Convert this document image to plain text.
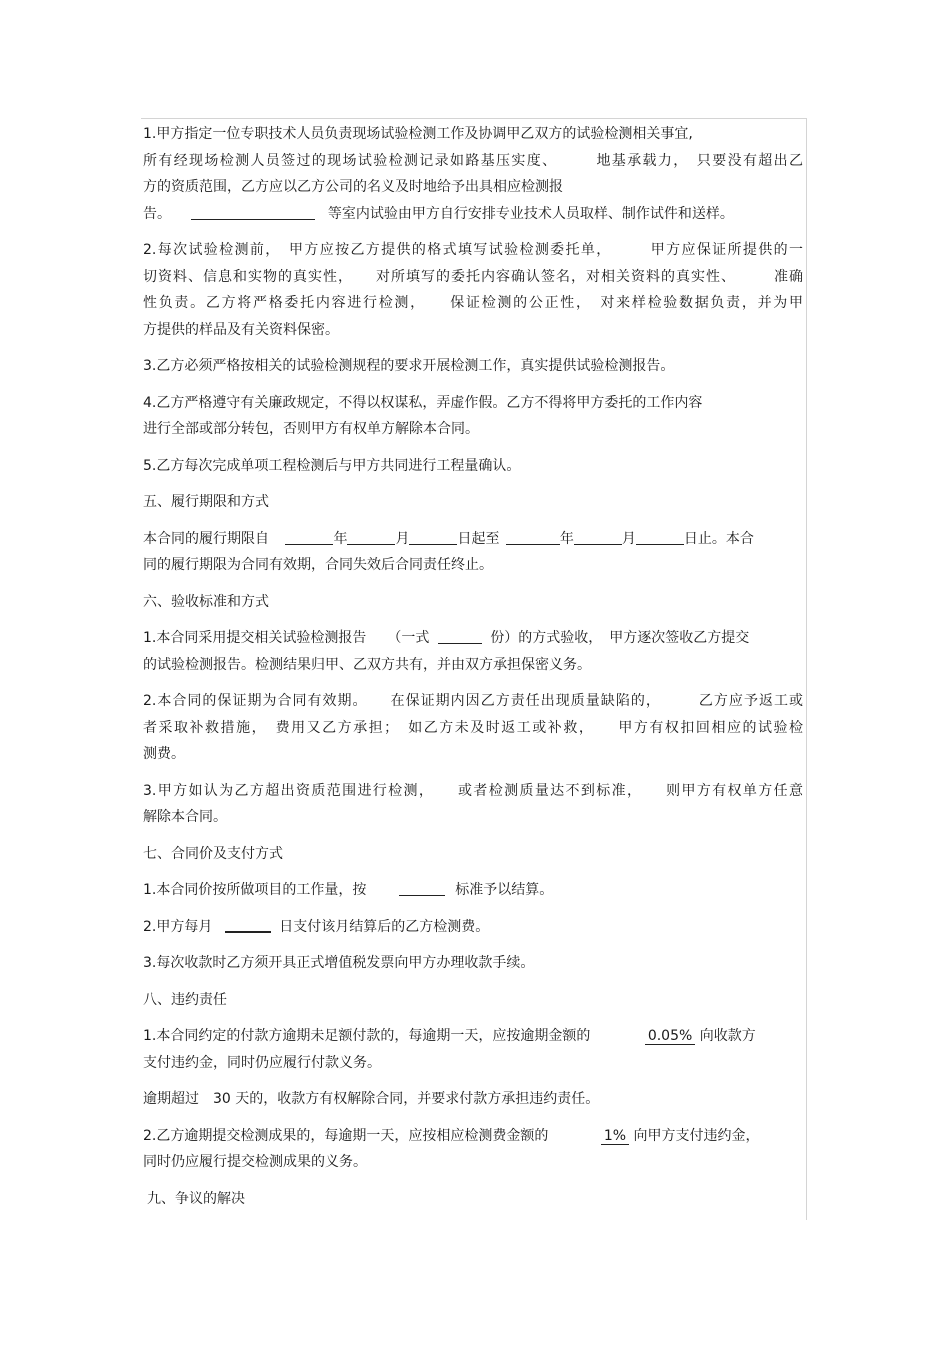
1.甲方指定一位专职技术人员负责现场试验检测工作及协调甲乙双方的试验检测相关事宜,
所有经现场检测人员签过的现场试验检测记录如路基压实度、　　　地基承载力，　只要没有超出乙
方的资质范围，乙方应以乙方公司的名义及时地给予出具相应检测报
告。	等室内试验由甲方自行安排专业技术人员取样、制作试件和送样。
2.每次试验检测前，　甲方应按乙方提供的格式填写试验检测委托单，　　　甲方应保证所提供的一
切资料、信息和实物的真实性，　　对所填写的委托内容确认签名，对相关资料的真实性、　　　准确
性负责。乙方将严格委托内容进行检测，　　保证检测的公正性，　对来样检验数据负责，并为甲
方提供的样品及有关资料保密。
3.乙方必须严格按相关的试验检测规程的要求开展检测工作，真实提供试验检测报告。
4.乙方严格遵守有关廉政规定，不得以权谋私，弄虚作假。乙方不得将甲方委托的工作内容
进行全部或部分转包，否则甲方有权单方解除本合同。
5.乙方每次完成单项工程检测后与甲方共同进行工程量确认。
五、履行期限和方式
本合同的履行期限自	年	月	日起至	年	月	日止。本合
同的履行期限为合同有效期，合同失效后合同责任终止。
六、验收标准和方式
1.本合同采用提交相关试验检测报告　　（一式	份）的方式验收，　甲方逐次签收乙方提交
的试验检测报告。检测结果归甲、乙双方共有，并由双方承担保密义务。
2.本合同的保证期为合同有效期。　　在保证期内因乙方责任出现质量缺陷的，　　　乙方应予返工或
者采取补救措施，　费用又乙方承担；　如乙方未及时返工或补救，　　甲方有权扣回相应的试验检
测费。
3.甲方如认为乙方超出资质范围进行检测，　　或者检测质量达不到标准，　　则甲方有权单方任意
解除本合同。
七、合同价及支付方式
1.本合同价按所做项目的工作量，按	标准予以结算。
2.甲方每月	日支付该月结算后的乙方检测费。
3.每次收款时乙方须开具正式增值税发票向甲方办理收款手续。
八、违约责任
1.本合同约定的付款方逾期未足额付款的，每逾期一天，应按逾期金额的	0.05% 向收款方
支付违约金，同时仍应履行付款义务。
逾期超过　30 天的，收款方有权解除合同，并要求付款方承担违约责任。
2.乙方逾期提交检测成果的，每逾期一天，应按相应检测费金额的	1% 向甲方支付违约金，
同时仍应履行提交检测成果的义务。
九、争议的解决
